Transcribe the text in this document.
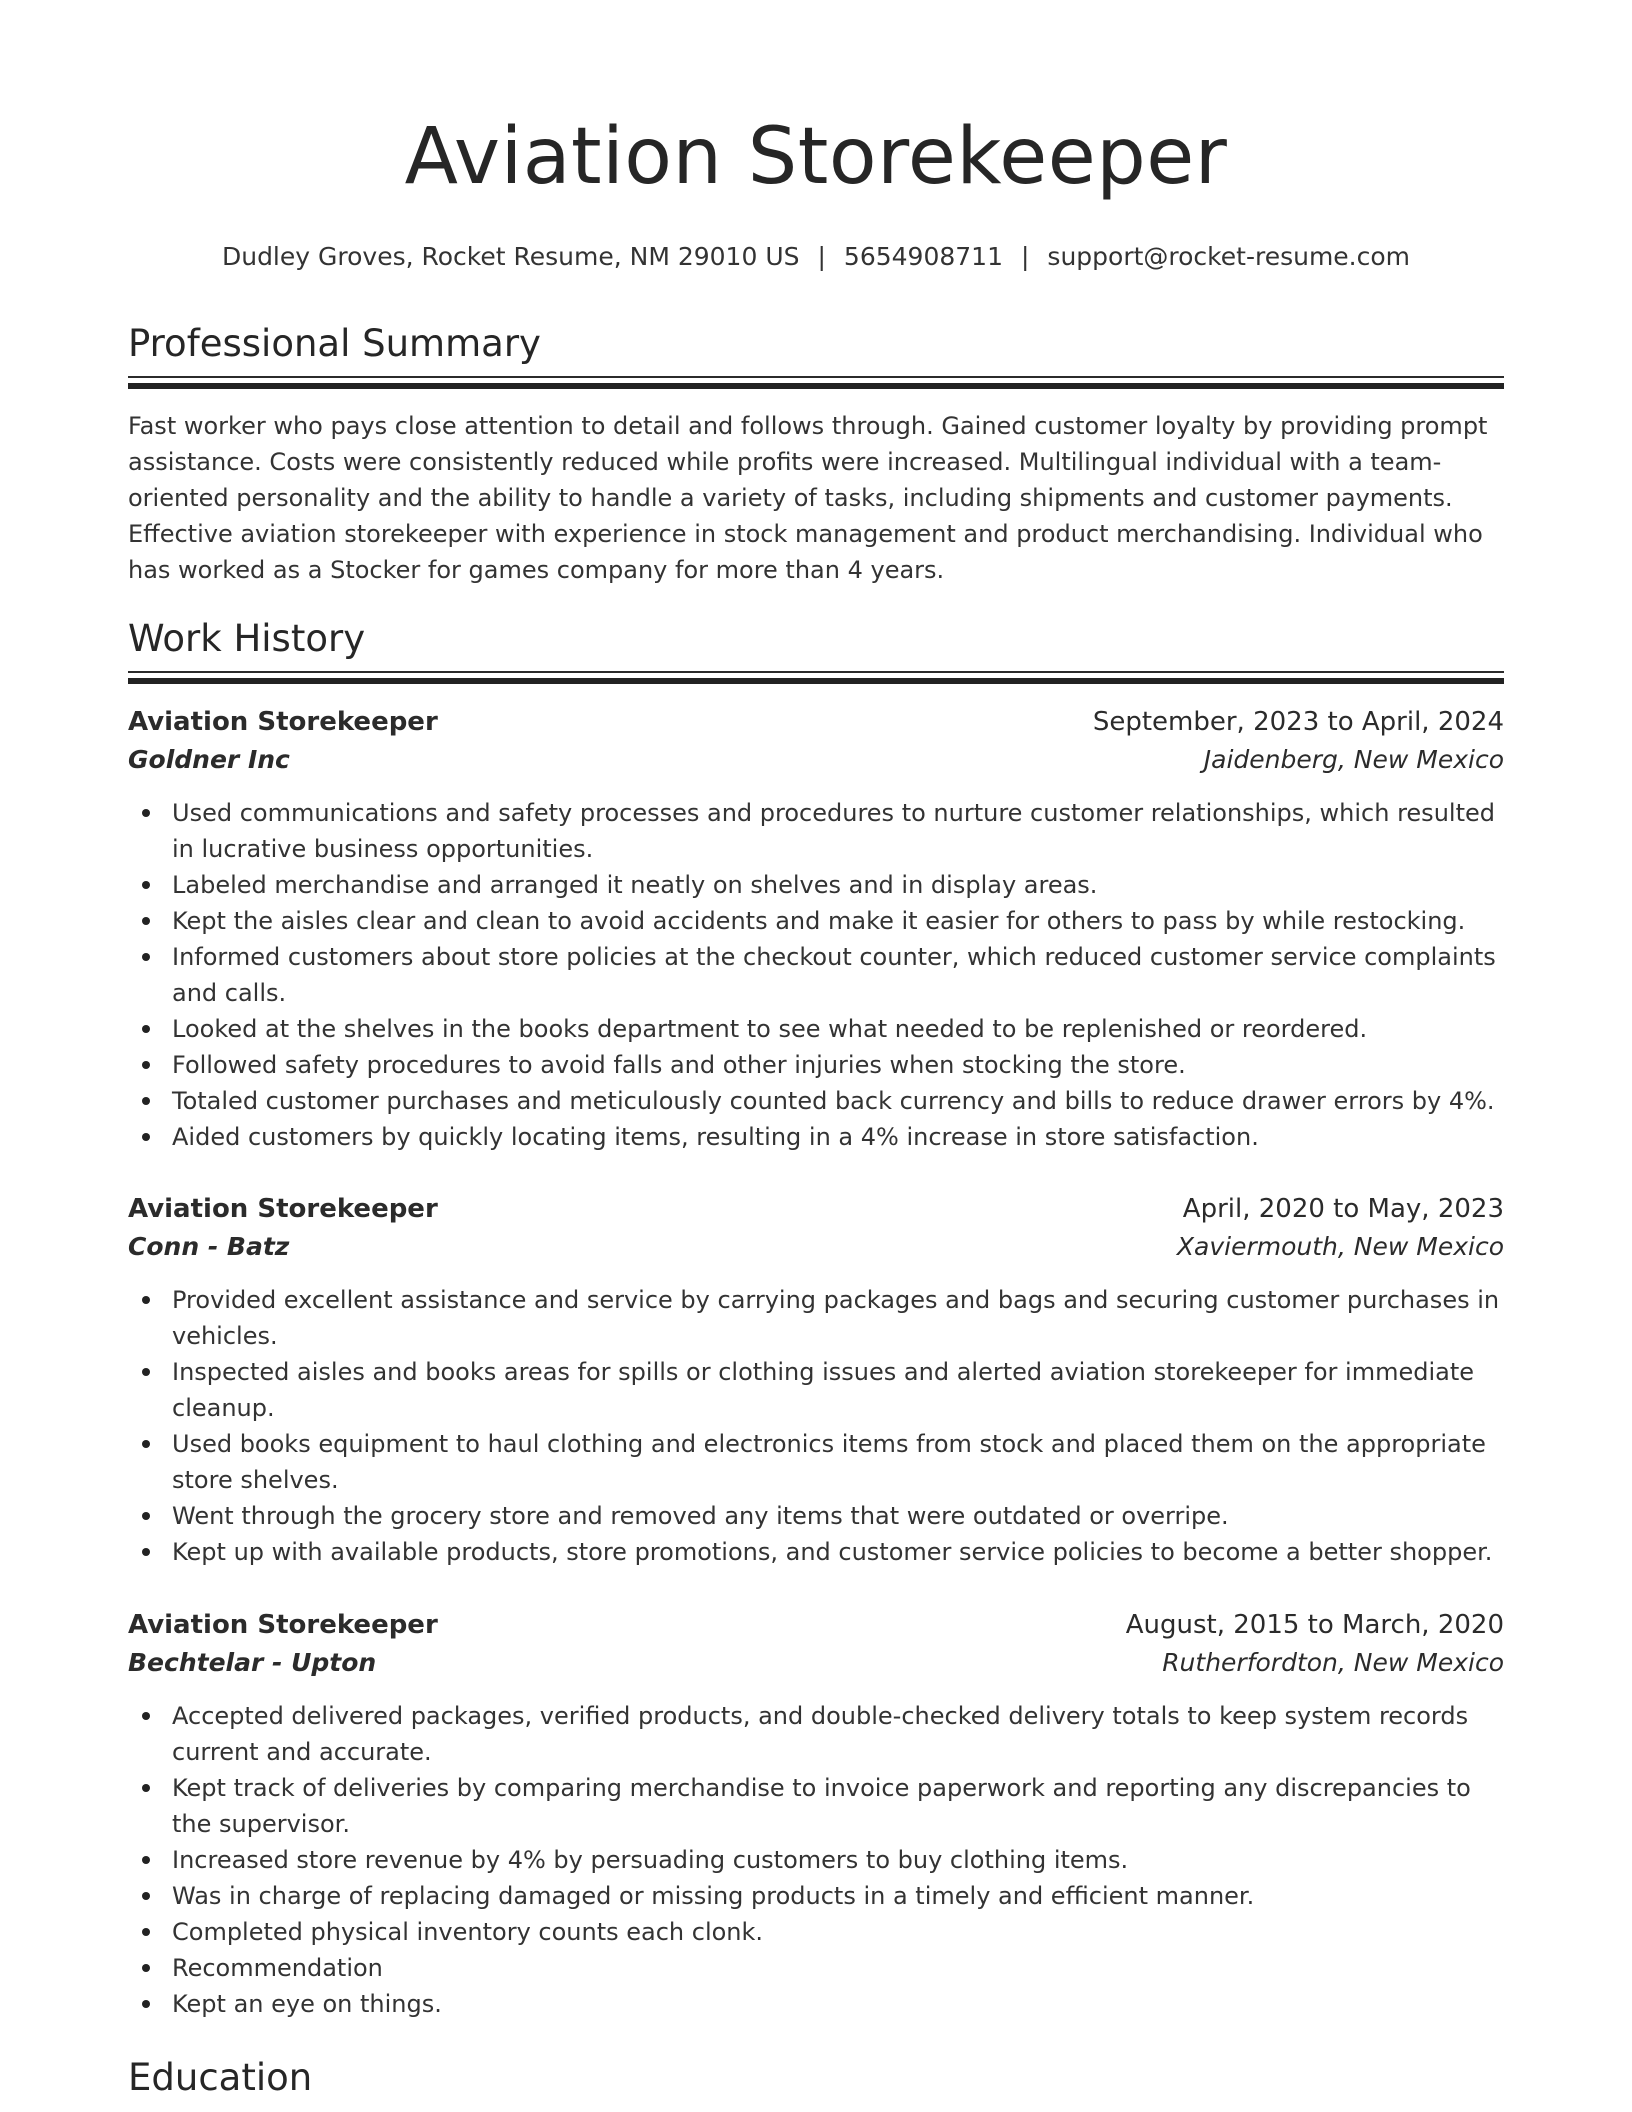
Aviation Storekeeper
Dudley Groves, Rocket Resume, NM 29010 US | 5654908711 | support@rocket-resume.com
Professional Summary

Fast worker who pays close attention to detail and follows through. Gained customer loyalty by providing prompt assistance. Costs were consistently reduced while profits were increased. Multilingual individual with a team-oriented personality and the ability to handle a variety of tasks, including shipments and customer payments. Effective aviation storekeeper with experience in stock management and product merchandising. Individual who has worked as a Stocker for games company for more than 4 years.

Work History
Aviation Storekeeper	September, 2023 to April, 2024
Goldner Inc	Jaidenberg, New Mexico
Used communications and safety processes and procedures to nurture customer relationships, which resulted in lucrative business opportunities.
Labeled merchandise and arranged it neatly on shelves and in display areas.
Kept the aisles clear and clean to avoid accidents and make it easier for others to pass by while restocking.
Informed customers about store policies at the checkout counter, which reduced customer service complaints and calls.
Looked at the shelves in the books department to see what needed to be replenished or reordered.
Followed safety procedures to avoid falls and other injuries when stocking the store.
Totaled customer purchases and meticulously counted back currency and bills to reduce drawer errors by 4%.
Aided customers by quickly locating items, resulting in a 4% increase in store satisfaction.
Aviation Storekeeper	April, 2020 to May, 2023
Conn - Batz	Xaviermouth, New Mexico
Provided excellent assistance and service by carrying packages and bags and securing customer purchases in vehicles.
Inspected aisles and books areas for spills or clothing issues and alerted aviation storekeeper for immediate cleanup.
Used books equipment to haul clothing and electronics items from stock and placed them on the appropriate store shelves.
Went through the grocery store and removed any items that were outdated or overripe.
Kept up with available products, store promotions, and customer service policies to become a better shopper.
Aviation Storekeeper	August, 2015 to March, 2020
Bechtelar - Upton	Rutherfordton, New Mexico
Accepted delivered packages, verified products, and double-checked delivery totals to keep system records current and accurate.
Kept track of deliveries by comparing merchandise to invoice paperwork and reporting any discrepancies to the supervisor.
Increased store revenue by 4% by persuading customers to buy clothing items.
Was in charge of replacing damaged or missing products in a timely and efficient manner.
Completed physical inventory counts each clonk.
Recommendation
Kept an eye on things.
Education
